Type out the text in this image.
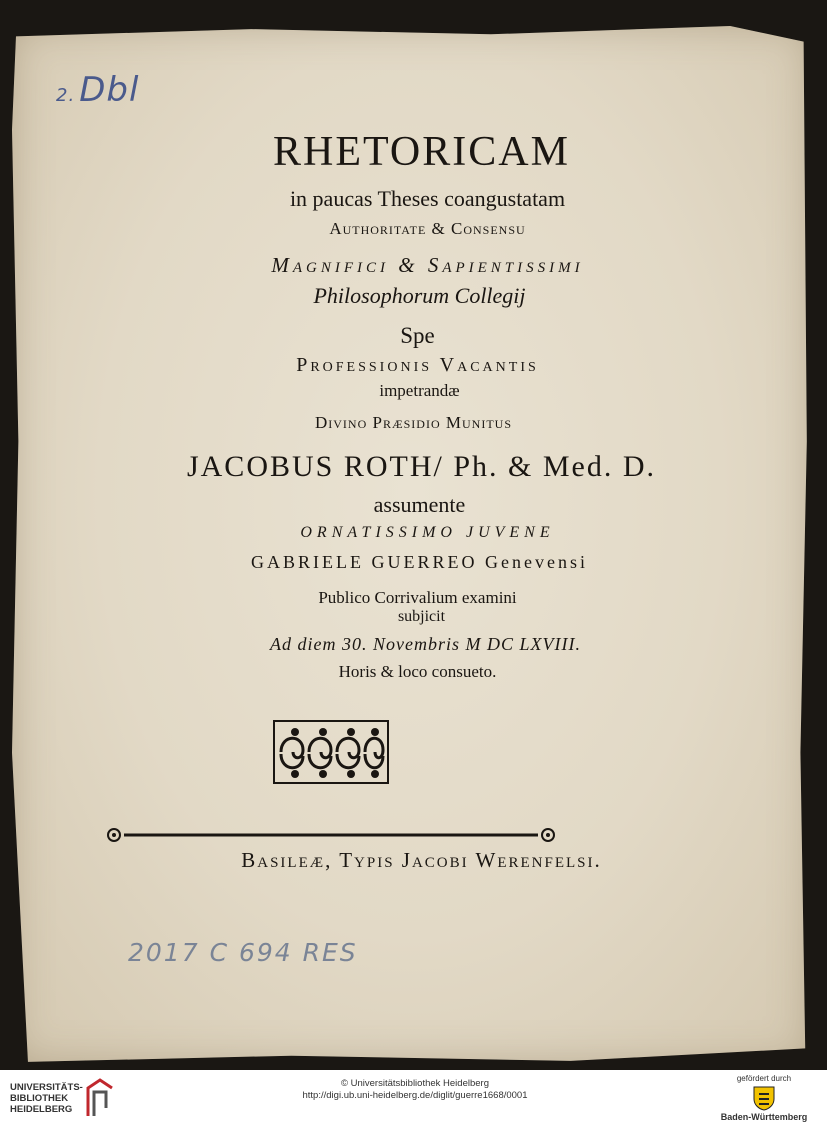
2. Dbl
RHETORICAM
in paucas Theses coangustatam
Authoritate & Consensu
Magnifici & Sapientissimi
Philosophorum Collegij
Spe
Professionis Vacantis
impetrandæ
Divino Præsidio Munitus
JACOBUS ROTH/ Ph. & Med. D.
assumente
ORNATISSIMO JUVENE
GABRIELE GUERREO Genevensi
Publico Corrivalium examini
subjicit
Ad diem 30. Novembris M DC LXVIII.
Horis & loco consueto.
Basileæ, Typis Jacobi Werenfelsi.
2017 C 694 RES
UNIVERSITÄTS-
BIBLIOTHEK
HEIDELBERG
© Universitätsbibliothek Heidelberg
http://digi.ub.uni-heidelberg.de/diglit/guerre1668/0001
gefördert durch
Baden-Württemberg
